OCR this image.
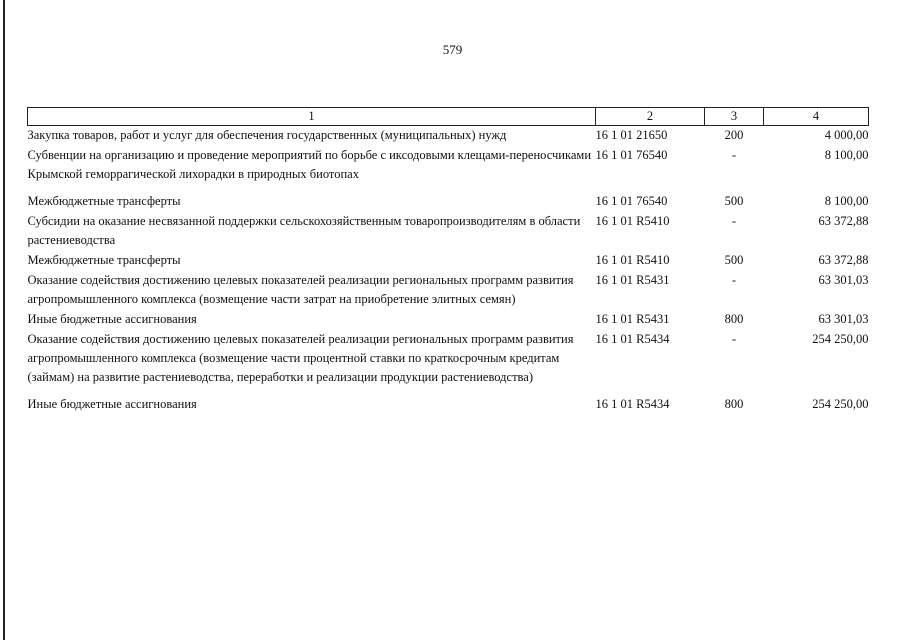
579
1	2	3	4
Закупка товаров, работ и услуг для обеспечения государственных (муниципальных) нужд	16 1 01 21650	200	4 000,00
Субвенции на организацию и проведение мероприятий по борьбе с иксодовыми клещами-переносчиками Крымской геморрагической лихорадки в природных биотопах	16 1 01 76540	-	8 100,00
Межбюджетные трансферты	16 1 01 76540	500	8 100,00
Субсидии на оказание несвязанной поддержки сельскохозяйственным товаропроизводителям в области растениеводства	16 1 01 R5410	-	63 372,88
Межбюджетные трансферты	16 1 01 R5410	500	63 372,88
Оказание содействия достижению целевых показателей реализации региональных программ развития агропромышленного комплекса (возмещение части затрат на приобретение элитных семян)	16 1 01 R5431	-	63 301,03
Иные бюджетные ассигнования	16 1 01 R5431	800	63 301,03
Оказание содействия достижению целевых показателей реализации региональных программ развития агропромышленного комплекса (возмещение части процентной ставки по краткосрочным кредитам (займам) на развитие растениеводства, переработки и реализации продукции растениеводства)	16 1 01 R5434	-	254 250,00
Иные бюджетные ассигнования	16 1 01 R5434	800	254 250,00
